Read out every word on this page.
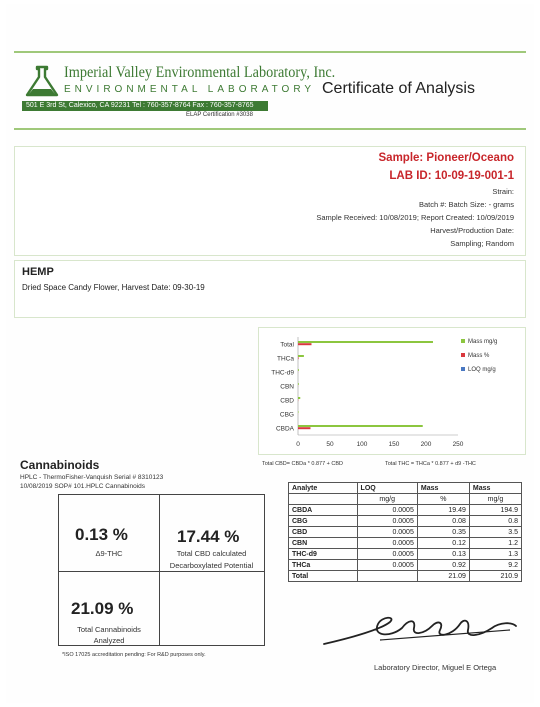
Imperial Valley Environmental Laboratory, Inc.
ENVIRONMENTAL LABORATORY
501 E 3rd St, Calexico, CA 92231 Tel : 760-357-8764 Fax : 760-357-8765
ELAP Certification #3038
Certificate of Analysis
Sample: Pioneer/Oceano
LAB ID: 10-09-19-001-1
Strain:
Batch #: Batch Size: - grams
Sample Received: 10/08/2019; Report Created: 10/09/2019
Harvest/Production Date:
Sampling; Random
HEMP
Dried Space Candy Flower, Harvest Date: 09-30-19
Total
THCa
THC-d9
CBN
CBD
CBG
CBDA
0	50	100	150	200	250
Mass mg/g
Mass %
LOQ mg/g
Total CBD= CBDa * 0.877 + CBD	Total THC = THCa * 0.877 + d9 -THC
Cannabinoids
HPLC - ThermoFisher-Vanquish Serial # 8310123
10/08/2019 SOP# 101.HPLC Cannabinoids
0.13 %
Δ9-THC
17.44 %
Total CBD calculated
Decarboxylated Potential
21.09 %
Total Cannabinoids
Analyzed
*ISO 17025 accreditation pending: For R&D purposes only.
Analyte	LOQ	Mass	Mass
	mg/g	%	mg/g
CBDA	0.0005	19.49	194.9
CBG	0.0005	0.08	0.8
CBD	0.0005	0.35	3.5
CBN	0.0005	0.12	1.2
THC-d9	0.0005	0.13	1.3
THCa	0.0005	0.92	9.2
Total		21.09	210.9
Laboratory Director, Miguel E Ortega
